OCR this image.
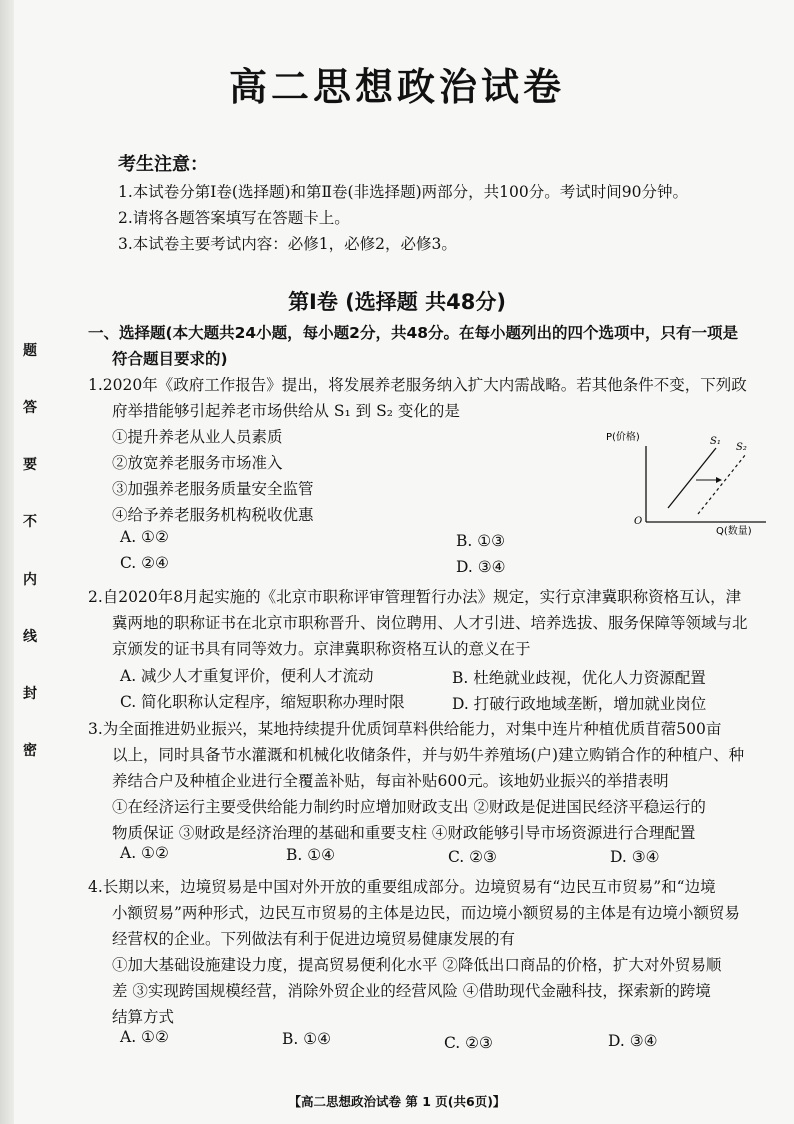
题
答
要
不
内
线
封
密
高二思想政治试卷
考生注意：
1.本试卷分第Ⅰ卷(选择题)和第Ⅱ卷(非选择题)两部分，共100分。考试时间90分钟。
2.请将各题答案填写在答题卡上。
3.本试卷主要考试内容：必修1，必修2，必修3。
第Ⅰ卷 (选择题 共48分)
一、选择题(本大题共24小题，每小题2分，共48分。在每小题列出的四个选项中，只有一项是
符合题目要求的)
1.2020年《政府工作报告》提出，将发展养老服务纳入扩大内需战略。若其他条件不变，下列政
府举措能够引起养老市场供给从 S₁ 到 S₂ 变化的是
①提升养老从业人员素质
②放宽养老服务市场准入
③加强养老服务质量安全监管
④给予养老服务机构税收优惠
A. ①②	B. ①③
C. ②④	D. ③④
P(价格)
Q(数量)
O
S₁
S₂
2.自2020年8月起实施的《北京市职称评审管理暂行办法》规定，实行京津冀职称资格互认，津
冀两地的职称证书在北京市职称晋升、岗位聘用、人才引进、培养选拔、服务保障等领域与北
京颁发的证书具有同等效力。京津冀职称资格互认的意义在于
A. 减少人才重复评价，便利人才流动	B. 杜绝就业歧视，优化人力资源配置
C. 简化职称认定程序，缩短职称办理时限	D. 打破行政地域垄断，增加就业岗位
3.为全面推进奶业振兴，某地持续提升优质饲草料供给能力，对集中连片种植优质苜蓿500亩
以上，同时具备节水灌溉和机械化收储条件，并与奶牛养殖场(户)建立购销合作的种植户、种
养结合户及种植企业进行全覆盖补贴，每亩补贴600元。该地奶业振兴的举措表明
①在经济运行主要受供给能力制约时应增加财政支出 ②财政是促进国民经济平稳运行的
物质保证 ③财政是经济治理的基础和重要支柱 ④财政能够引导市场资源进行合理配置
A. ①②	B. ①④	C. ②③	D. ③④
4.长期以来，边境贸易是中国对外开放的重要组成部分。边境贸易有“边民互市贸易”和“边境
小额贸易”两种形式，边民互市贸易的主体是边民，而边境小额贸易的主体是有边境小额贸易
经营权的企业。下列做法有利于促进边境贸易健康发展的有
①加大基础设施建设力度，提高贸易便利化水平 ②降低出口商品的价格，扩大对外贸易顺
差 ③实现跨国规模经营，消除外贸企业的经营风险 ④借助现代金融科技，探索新的跨境
结算方式
A. ①②	B. ①④	C. ②③	D. ③④
【高二思想政治试卷 第 1 页(共6页)】
